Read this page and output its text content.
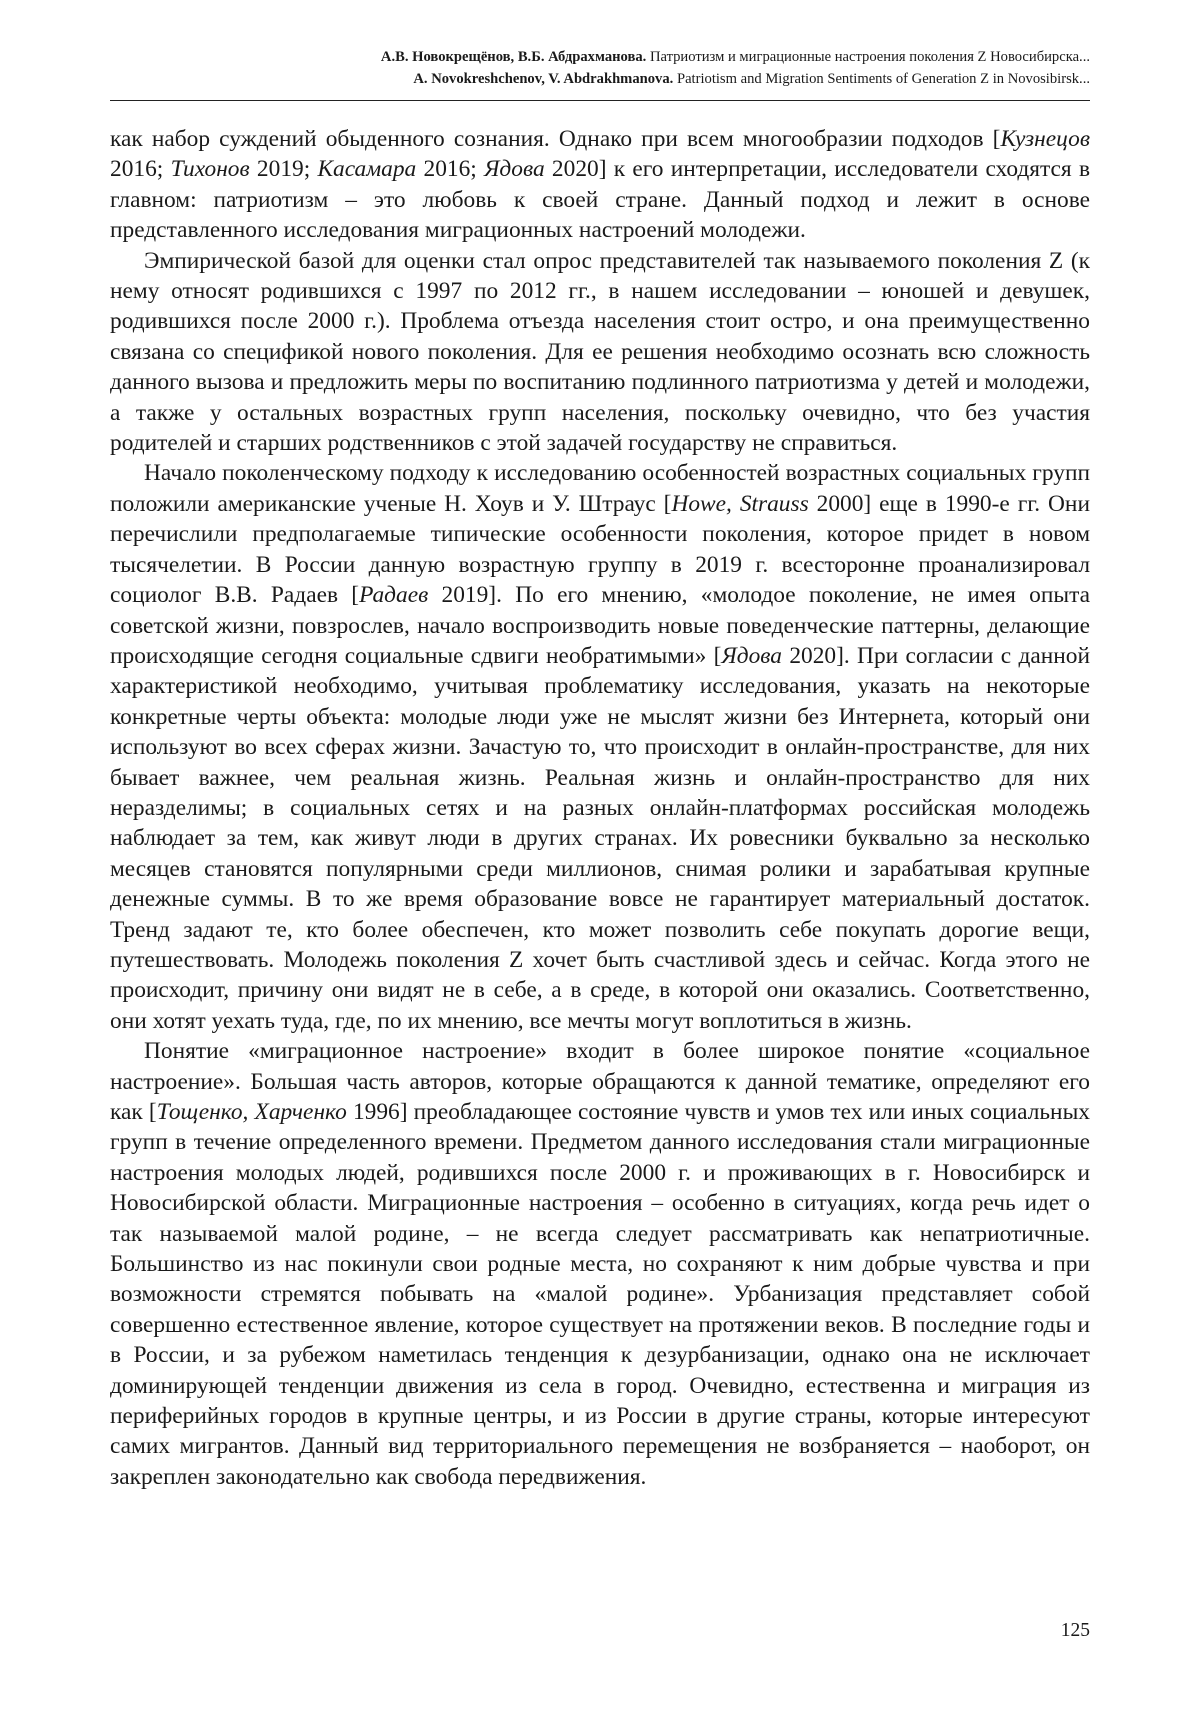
А.В. Новокрещёнов, В.Б. Абдрахманова. Патриотизм и миграционные настроения поколения Z Новосибирска...
A. Novokreshchenov, V. Abdrakhmanova. Patriotism and Migration Sentiments of Generation Z in Novosibirsk...

как набор суждений обыденного сознания. Однако при всем многообразии подходов [Кузнецов 2016; Тихонов 2019; Касамара 2016; Ядова 2020] к его интерпретации, исследователи сходятся в главном: патриотизм – это любовь к своей стране. Данный подход и лежит в основе представленного исследования миграционных настроений молодежи.

Эмпирической базой для оценки стал опрос представителей так называемого поколения Z (к нему относят родившихся с 1997 по 2012 гг., в нашем исследовании – юношей и девушек, родившихся после 2000 г.). Проблема отъезда населения стоит остро, и она преимущественно связана со спецификой нового поколения. Для ее решения необходимо осознать всю сложность данного вызова и предложить меры по воспитанию подлинного патриотизма у детей и молодежи, а также у остальных возрастных групп населения, поскольку очевидно, что без участия родителей и старших родственников с этой задачей государству не справиться.

Начало поколенческому подходу к исследованию особенностей возрастных социальных групп положили американские ученые Н. Хоув и У. Штраус [Howe, Strauss 2000] еще в 1990-е гг. Они перечислили предполагаемые типические особенности поколения, которое придет в новом тысячелетии. В России данную возрастную группу в 2019 г. всесторонне проанализировал социолог В.В. Радаев [Радаев 2019]. По его мнению, «молодое поколение, не имея опыта советской жизни, повзрослев, начало воспроизводить новые поведенческие паттерны, делающие происходящие сегодня социальные сдвиги необратимыми» [Ядова 2020]. При согласии с данной характеристикой необходимо, учитывая проблематику исследования, указать на некоторые конкретные черты объекта: молодые люди уже не мыслят жизни без Интернета, который они используют во всех сферах жизни. Зачастую то, что происходит в онлайн-пространстве, для них бывает важнее, чем реальная жизнь. Реальная жизнь и онлайн-пространство для них неразделимы; в социальных сетях и на разных онлайн-платформах российская молодежь наблюдает за тем, как живут люди в других странах. Их ровесники буквально за несколько месяцев становятся популярными среди миллионов, снимая ролики и зарабатывая крупные денежные суммы. В то же время образование вовсе не гарантирует материальный достаток. Тренд задают те, кто более обеспечен, кто может позволить себе покупать дорогие вещи, путешествовать. Молодежь поколения Z хочет быть счастливой здесь и сейчас. Когда этого не происходит, причину они видят не в себе, а в среде, в которой они оказались. Соответственно, они хотят уехать туда, где, по их мнению, все мечты могут воплотиться в жизнь.

Понятие «миграционное настроение» входит в более широкое понятие «социальное настроение». Большая часть авторов, которые обращаются к данной тематике, определяют его как [Тощенко, Харченко 1996] преобладающее состояние чувств и умов тех или иных социальных групп в течение определенного времени. Предметом данного исследования стали миграционные настроения молодых людей, родившихся после 2000 г. и проживающих в г. Новосибирск и Новосибирской области. Миграционные настроения – особенно в ситуациях, когда речь идет о так называемой малой родине, – не всегда следует рассматривать как непатриотичные. Большинство из нас покинули свои родные места, но сохраняют к ним добрые чувства и при возможности стремятся побывать на «малой родине». Урбанизация представляет собой совершенно естественное явление, которое существует на протяжении веков. В последние годы и в России, и за рубежом наметилась тенденция к дезурбанизации, однако она не исключает доминирующей тенденции движения из села в город. Очевидно, естественна и миграция из периферийных городов в крупные центры, и из России в другие страны, которые интересуют самих мигрантов. Данный вид территориального перемещения не возбраняется – наоборот, он закреплен законодательно как свобода передвижения.

125
